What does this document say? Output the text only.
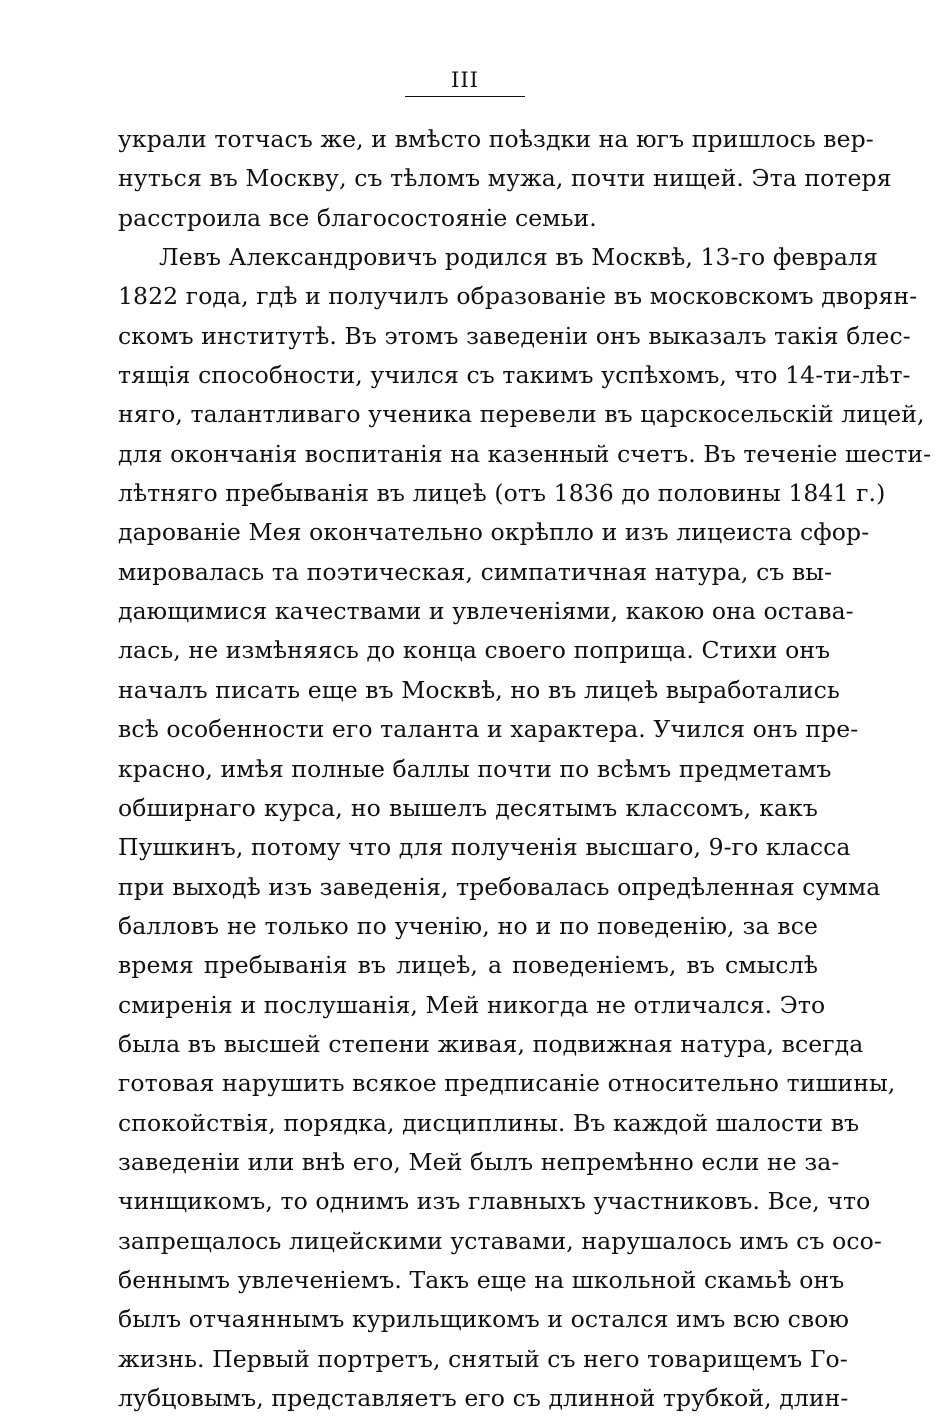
III
украли тотчасъ же, и вмѣсто поѣздки на югъ пришлось вер-
нуться въ Москву, съ тѣломъ мужа, почти нищей. Эта потеря
расстроила все благосостояніе семьи.
Левъ Александровичъ родился въ Москвѣ, 13-го февраля
1822 года, гдѣ и получилъ образованіе въ московскомъ дворян-
скомъ институтѣ. Въ этомъ заведеніи онъ выказалъ такія блес-
тящія способности, учился съ такимъ успѣхомъ, что 14-ти-лѣт-
няго, талантливаго ученика перевели въ царскосельскій лицей,
для окончанія воспитанія на казенный счетъ. Въ теченіе шести-
лѣтняго пребыванія въ лицеѣ (отъ 1836 до половины 1841 г.)
дарованіе Мея окончательно окрѣпло и изъ лицеиста сфор-
мировалась та поэтическая, симпатичная натура, съ вы-
дающимися качествами и увлеченіями, какою она остава-
лась, не измѣняясь до конца своего поприща. Стихи онъ
началъ писать еще въ Москвѣ, но въ лицеѣ выработались
всѣ особенности его таланта и характера. Учился онъ пре-
красно, имѣя полные баллы почти по всѣмъ предметамъ
обширнаго курса, но вышелъ десятымъ классомъ, какъ
Пушкинъ, потому что для полученія высшаго, 9-го класса
при выходѣ изъ заведенія, требовалась опредѣленная сумма
балловъ не только по ученію, но и по поведенію, за все
время пребыванія въ лицеѣ, а поведеніемъ, въ смыслѣ
смиренія и послушанія, Мей никогда не отличался. Это
была въ высшей степени живая, подвижная натура, всегда
готовая нарушить всякое предписаніе относительно тишины,
спокойствія, порядка, дисциплины. Въ каждой шалости въ
заведеніи или внѣ его, Мей былъ непремѣнно если не за-
чинщикомъ, то однимъ изъ главныхъ участниковъ. Все, что
запрещалось лицейскими уставами, нарушалось имъ съ осо-
беннымъ увлеченіемъ. Такъ еще на школьной скамьѣ онъ
былъ отчаяннымъ курильщикомъ и остался имъ всю свою
жизнь. Первый портретъ, снятый съ него товарищемъ Го-
лубцовымъ, представляетъ его съ длинной трубкой, длин-
